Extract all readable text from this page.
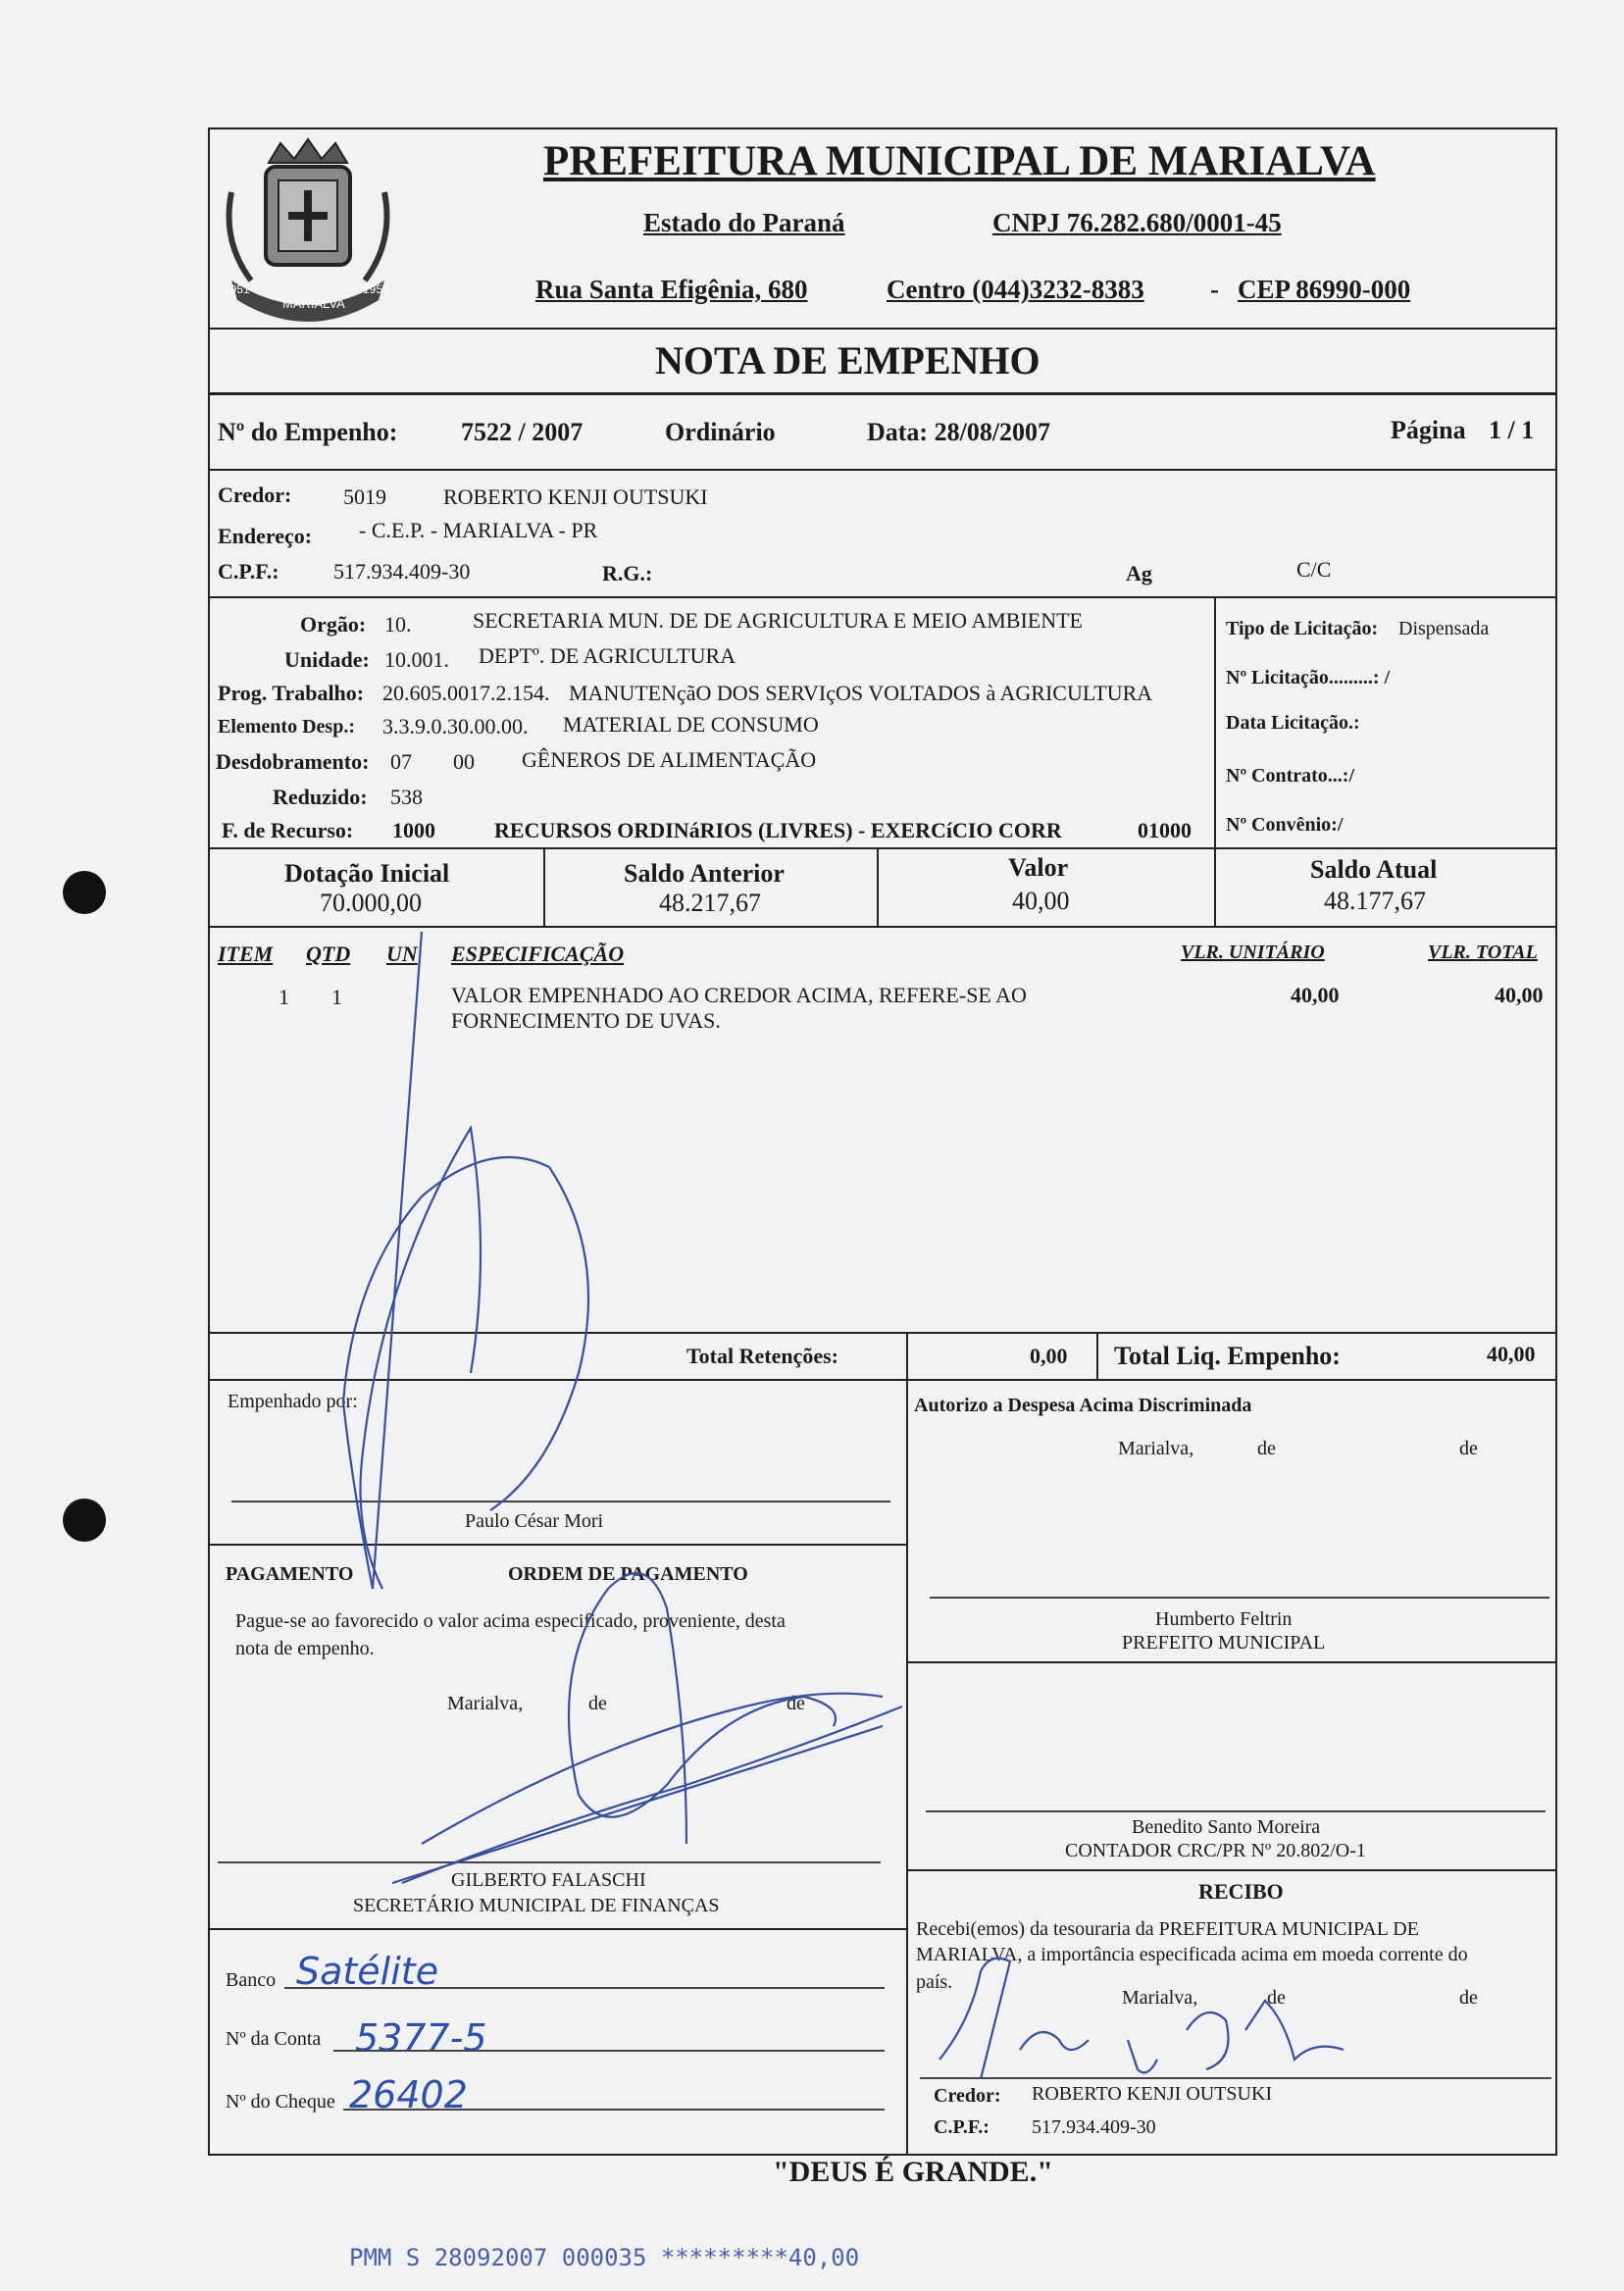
1951
MARIALVA
1952
PREFEITURA MUNICIPAL DE MARIALVA
Estado do Paraná	CNPJ 76.282.680/0001-45
Rua Santa Efigênia, 680	Centro (044)3232-8383 - CEP 86990-000
NOTA DE EMPENHO
Nº do Empenho: 7522 / 2007	Ordinário	Data: 28/08/2007	Página 1 / 1
Credor: 5019	ROBERTO KENJI OUTSUKI
Endereço: - C.E.P. - MARIALVA - PR
C.P.F.:	517.934.409-30	R.G.:	Ag	C/C
Orgão: 10.	SECRETARIA MUN. DE DE AGRICULTURA E MEIO AMBIENTE
Unidade: 10.001. DEPTº. DE AGRICULTURA
Prog. Trabalho: 20.605.0017.2.154. MANUTENçãO DOS SERVIçOS VOLTADOS à AGRICULTURA
Elemento Desp.: 3.3.9.0.30.00.00. MATERIAL DE CONSUMO
Desdobramento: 07 00 GÊNEROS DE ALIMENTAÇÃO
Reduzido: 538
F. de Recurso: 1000	RECURSOS ORDINáRIOS (LIVRES) - EXERCíCIO CORR	01000
Tipo de Licitação: Dispensada
Nº Licitação.........: /
Data Licitação.:
Nº Contrato...:/
Nº Convênio:/
Dotação Inicial
70.000,00
Saldo Anterior
48.217,67
Valor
40,00
Saldo Atual
48.177,67
ITEM QTD UN ESPECIFICAÇÃO	VLR. UNITÁRIO	VLR. TOTAL
1 1	VALOR EMPENHADO AO CREDOR ACIMA, REFERE-SE AO
FORNECIMENTO DE UVAS.
40,00	40,00
Total Retenções:	0,00 Total Liq. Empenho:	40,00
Empenhado por:
Paulo César Mori
Autorizo a Despesa Acima Discriminada
Marialva,	de	de
Humberto Feltrin
PREFEITO MUNICIPAL
PAGAMENTO	ORDEM DE PAGAMENTO
Pague-se ao favorecido o valor acima especificado, proveniente, desta
nota de empenho.
Marialva,	de	de
GILBERTO FALASCHI
SECRETÁRIO MUNICIPAL DE FINANÇAS
Benedito Santo Moreira
CONTADOR CRC/PR Nº 20.802/O-1
Banco Satélite
Nº da Conta 5377-5
Nº do Cheque 26402
RECIBO
Recebi(emos) da tesouraria da PREFEITURA MUNICIPAL DE
MARIALVA, a importância especificada acima em moeda corrente do
país.
Marialva,	de	de
Credor: ROBERTO KENJI OUTSUKI
C.P.F.: 517.934.409-30
"DEUS É GRANDE."
PMM S 28092007 000035 *********40,00
